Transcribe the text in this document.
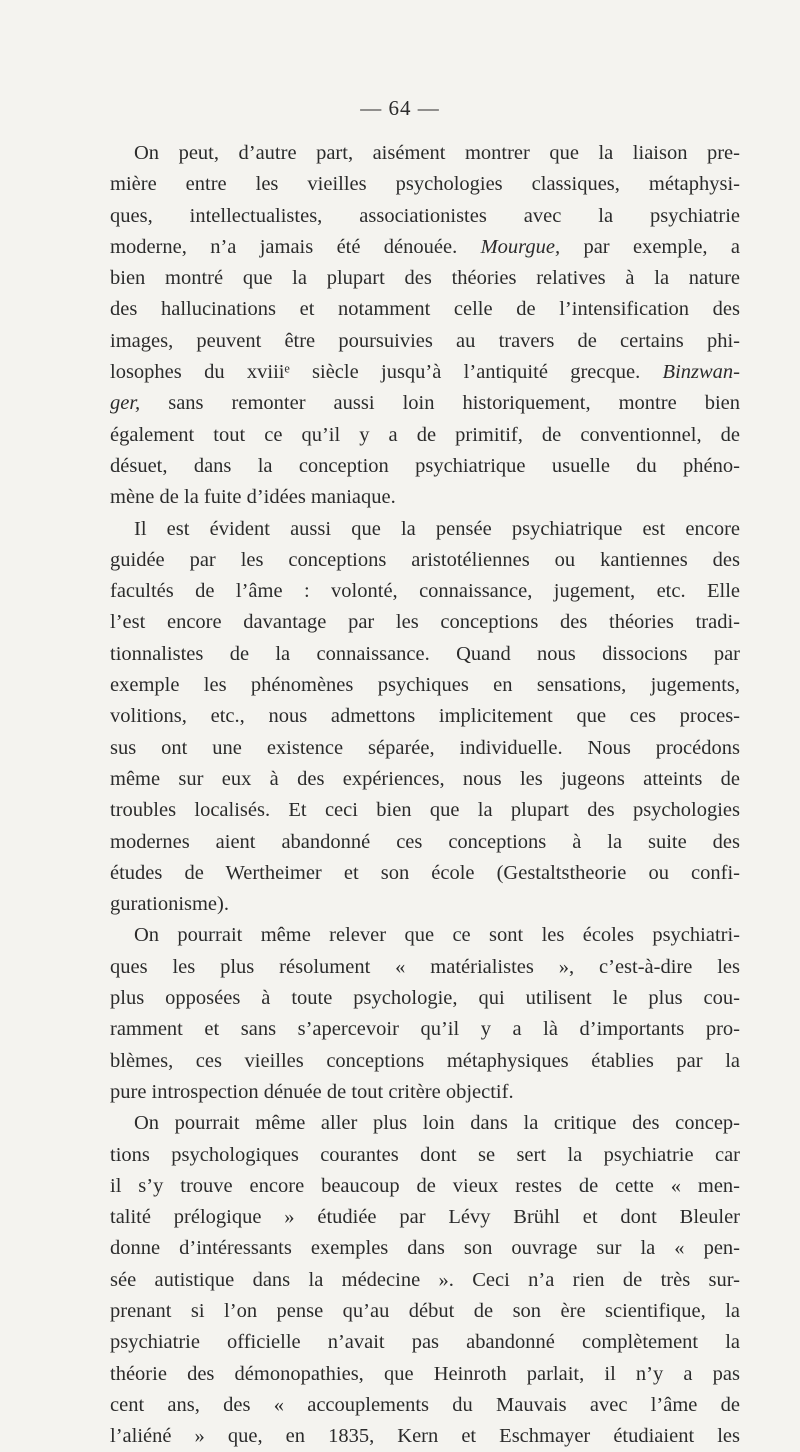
— 64 —
On peut, d’autre part, aisément montrer que la liaison pre-
mière entre les vieilles psychologies classiques, métaphysi-
ques, intellectualistes, associationistes avec la psychiatrie
moderne, n’a jamais été dénouée. Mourgue, par exemple, a
bien montré que la plupart des théories relatives à la nature
des hallucinations et notamment celle de l’intensification des
images, peuvent être poursuivies au travers de certains phi-
losophes du xviiiᵉ siècle jusqu’à l’antiquité grecque. Binzwan-
ger, sans remonter aussi loin historiquement, montre bien
également tout ce qu’il y a de primitif, de conventionnel, de
désuet, dans la conception psychiatrique usuelle du phéno-
mène de la fuite d’idées maniaque.
Il est évident aussi que la pensée psychiatrique est encore
guidée par les conceptions aristotéliennes ou kantiennes des
facultés de l’âme : volonté, connaissance, jugement, etc. Elle
l’est encore davantage par les conceptions des théories tradi-
tionnalistes de la connaissance. Quand nous dissocions par
exemple les phénomènes psychiques en sensations, jugements,
volitions, etc., nous admettons implicitement que ces proces-
sus ont une existence séparée, individuelle. Nous procédons
même sur eux à des expériences, nous les jugeons atteints de
troubles localisés. Et ceci bien que la plupart des psychologies
modernes aient abandonné ces conceptions à la suite des
études de Wertheimer et son école (Gestaltstheorie ou confi-
gurationisme).
On pourrait même relever que ce sont les écoles psychiatri-
ques les plus résolument « matérialistes », c’est-à-dire les
plus opposées à toute psychologie, qui utilisent le plus cou-
ramment et sans s’apercevoir qu’il y a là d’importants pro-
blèmes, ces vieilles conceptions métaphysiques établies par la
pure introspection dénuée de tout critère objectif.
On pourrait même aller plus loin dans la critique des concep-
tions psychologiques courantes dont se sert la psychiatrie car
il s’y trouve encore beaucoup de vieux restes de cette « men-
talité prélogique » étudiée par Lévy Brühl et dont Bleuler
donne d’intéressants exemples dans son ouvrage sur la « pen-
sée autistique dans la médecine ». Ceci n’a rien de très sur-
prenant si l’on pense qu’au début de son ère scientifique, la
psychiatrie officielle n’avait pas abandonné complètement la
théorie des démonopathies, que Heinroth parlait, il n’y a pas
cent ans, des « accouplements du Mauvais avec l’âme de
l’aliéné » que, en 1835, Kern et Eschmayer étudiaient les
